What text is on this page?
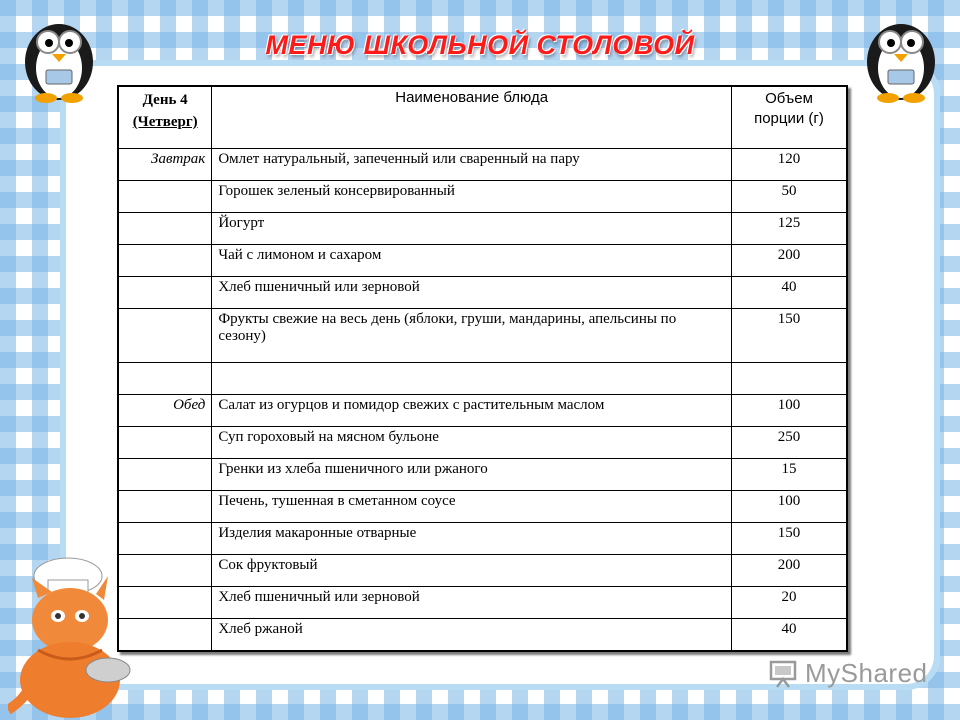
МЕНЮ ШКОЛЬНОЙ СТОЛОВОЙ
День 4
(Четверг)	Наименование блюда	Объем порции (г)
Завтрак	Омлет натуральный, запеченный или сваренный на пару	120
	Горошек зеленый консервированный	50
	Йогурт	125
	Чай с лимоном и сахаром	200
	Хлеб пшеничный или зерновой	40
	Фрукты свежие на весь день (яблоки, груши, мандарины, апельсины по сезону)	150

Обед	Салат из огурцов и помидор свежих с растительным маслом	100
	Суп гороховый на мясном бульоне	250
	Гренки из хлеба пшеничного или ржаного	15
	Печень, тушенная в сметанном соусе	100
	Изделия макаронные отварные	150
	Сок фруктовый	200
	Хлеб пшеничный или зерновой	20
	Хлеб ржаной	40
MyShared
